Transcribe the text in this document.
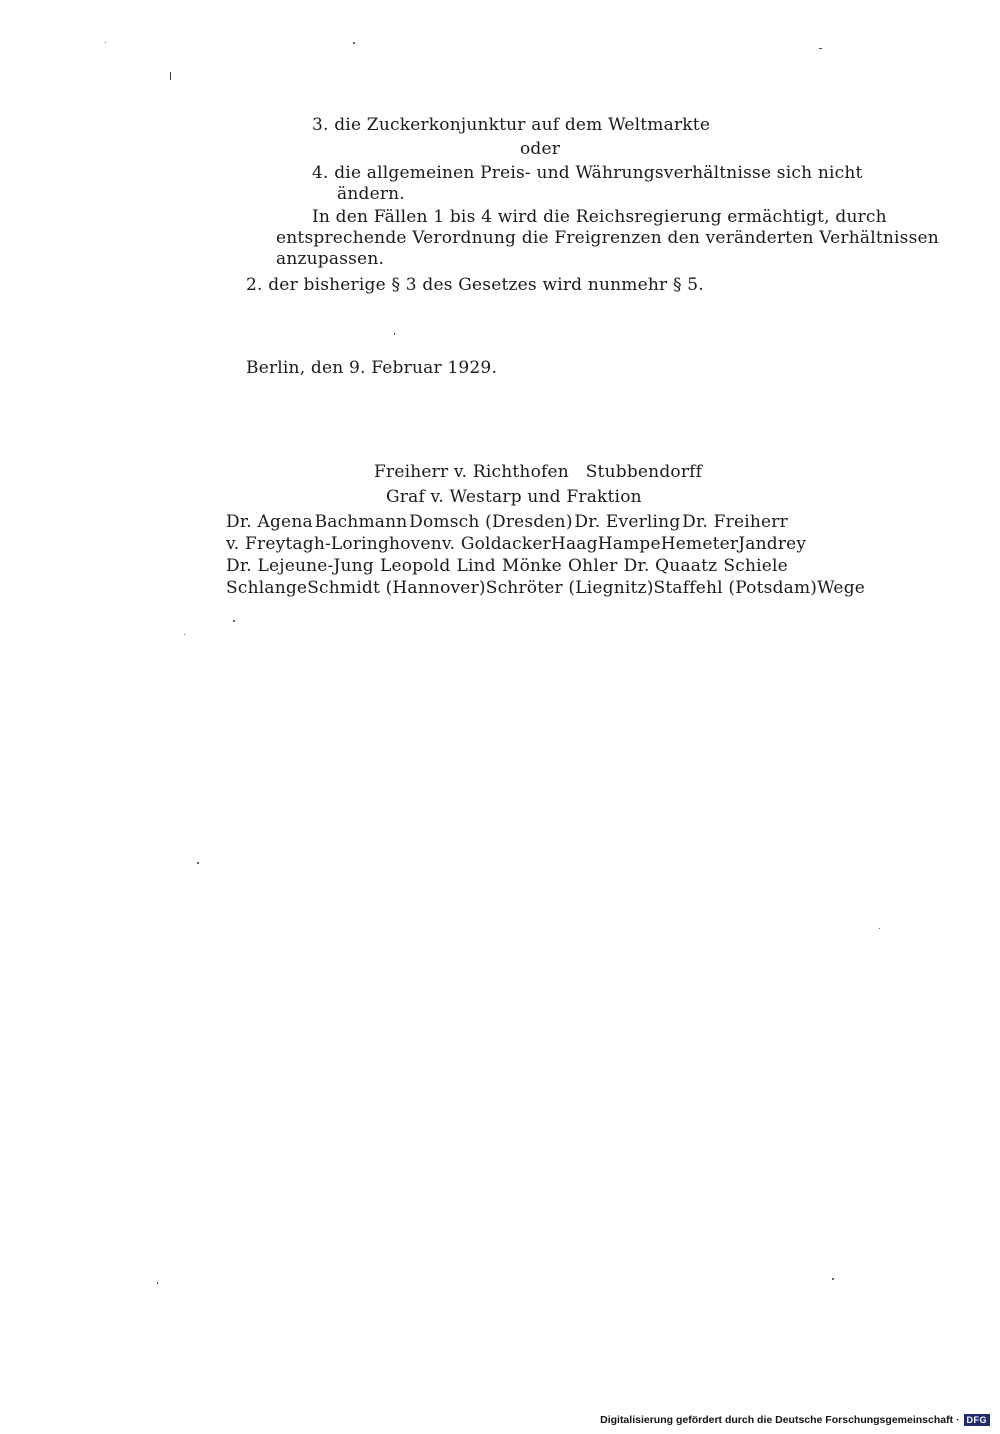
3. die Zuckerkonjunktur auf dem Weltmarkte
oder
4. die allgemeinen Preis- und Währungsverhältnisse sich nicht
ändern.
In den Fällen 1 bis 4 wird die Reichsregierung ermächtigt, durch
entsprechende Verordnung die Freigrenzen den veränderten Verhältnissen
anzupassen.
2. der bisherige § 3 des Gesetzes wird nunmehr § 5.
Berlin, den 9. Februar 1929.
Freiherr v. Richthofen   Stubbendorff
Graf v. Westarp und Fraktion
Dr. Agena Bachmann Domsch (Dresden) Dr. Everling Dr. Freiherr
v. Freytagh-Loringhoven v. Goldacker Haag Hampe Hemeter Jandrey
Dr. Lejeune-Jung Leopold Lind Mönke Ohler Dr. Quaatz Schiele
Schlange Schmidt (Hannover) Schröter (Liegnitz) Staffehl (Potsdam) Wege
Digitalisierung gefördert durch die Deutsche Forschungsgemeinschaft · DFG
